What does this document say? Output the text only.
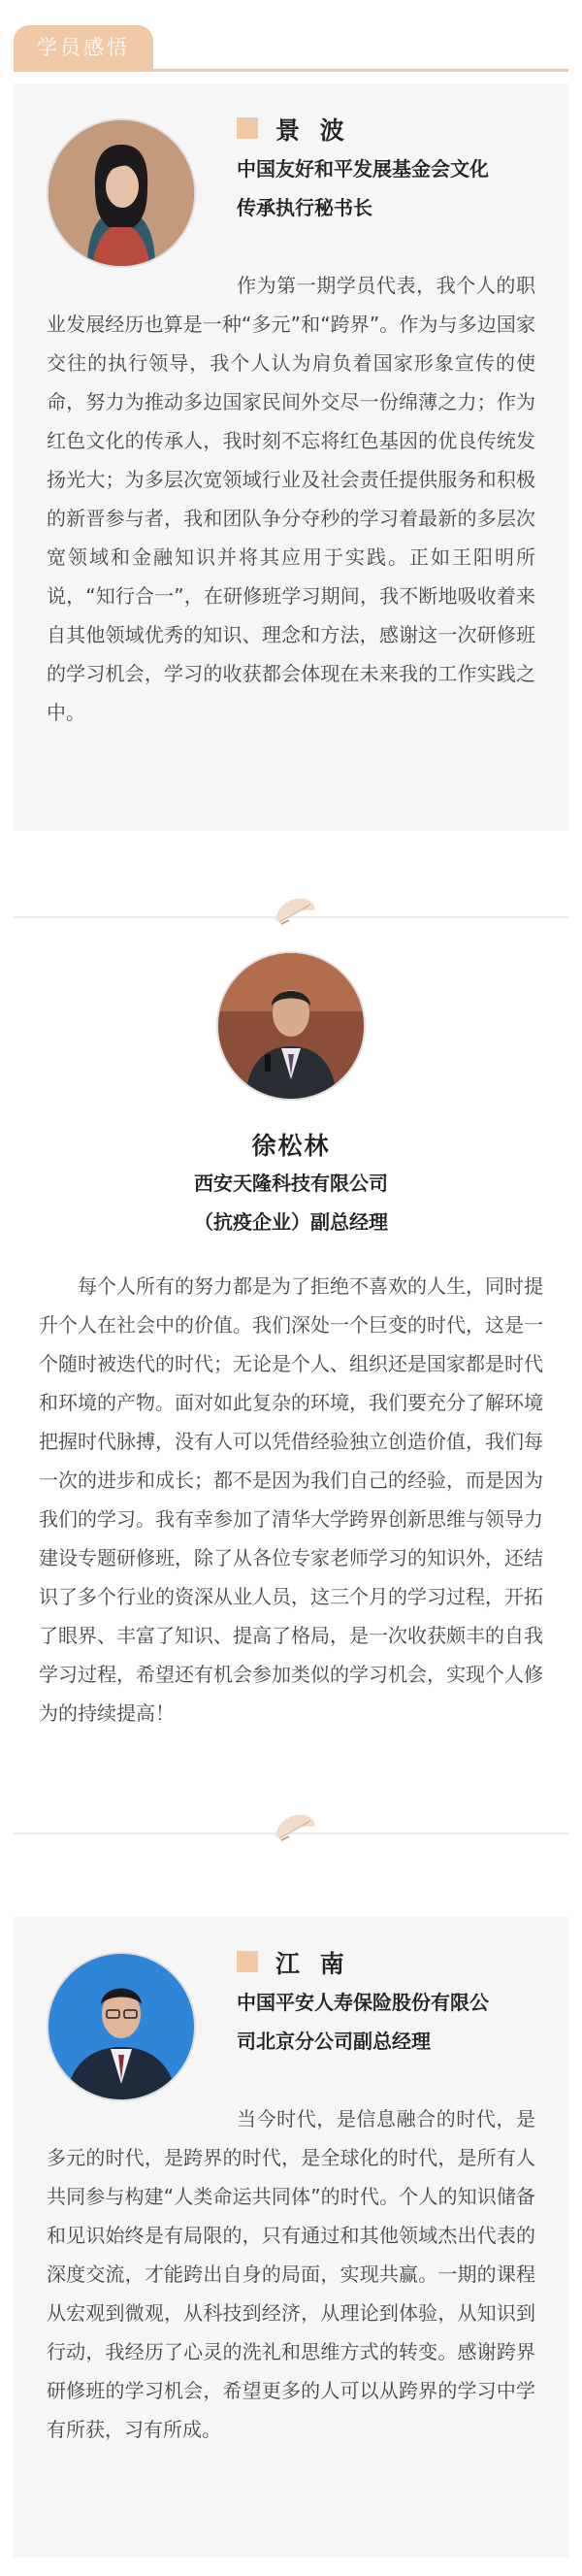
学员感悟
景 波
中国友好和平发展基金会文化
传承执行秘书长

作为第一期学员代表，我个人的职业发展经历也算是一种“多元”和“跨界”。作为与多边国家交往的执行领导，我个人认为肩负着国家形象宣传的使命，努力为推动多边国家民间外交尽一份绵薄之力；作为红色文化的传承人，我时刻不忘将红色基因的优良传统发扬光大；为多层次宽领域行业及社会责任提供服务和积极的新晋参与者，我和团队争分夺秒的学习着最新的多层次宽领域和金融知识并将其应用于实践。正如王阳明所说，“知行合一”，在研修班学习期间，我不断地吸收着来自其他领域优秀的知识、理念和方法，感谢这一次研修班的学习机会，学习的收获都会体现在未来我的工作实践之中。

徐松林
西安天隆科技有限公司
（抗疫企业）副总经理

每个人所有的努力都是为了拒绝不喜欢的人生，同时提升个人在社会中的价值。我们深处一个巨变的时代，这是一个随时被迭代的时代；无论是个人、组织还是国家都是时代和环境的产物。面对如此复杂的环境，我们要充分了解环境把握时代脉搏，没有人可以凭借经验独立创造价值，我们每一次的进步和成长；都不是因为我们自己的经验，而是因为我们的学习。我有幸参加了清华大学跨界创新思维与领导力建设专题研修班，除了从各位专家老师学习的知识外，还结识了多个行业的资深从业人员，这三个月的学习过程，开拓了眼界、丰富了知识、提高了格局，是一次收获颇丰的自我学习过程，希望还有机会参加类似的学习机会，实现个人修为的持续提高！

江 南
中国平安人寿保险股份有限公
司北京分公司副总经理

当今时代，是信息融合的时代，是多元的时代，是跨界的时代，是全球化的时代，是所有人共同参与构建“人类命运共同体”的时代。个人的知识储备和见识始终是有局限的，只有通过和其他领域杰出代表的深度交流，才能跨出自身的局面，实现共赢。一期的课程从宏观到微观，从科技到经济，从理论到体验，从知识到行动，我经历了心灵的洗礼和思维方式的转变。感谢跨界研修班的学习机会，希望更多的人可以从跨界的学习中学有所获，习有所成。
